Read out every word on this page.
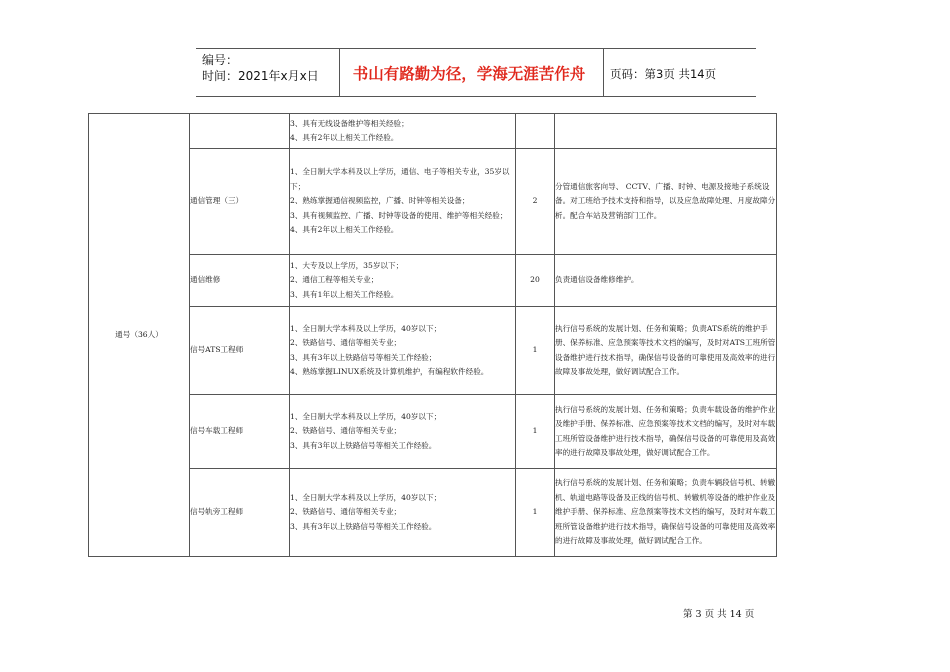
编号：
时间：2021年x月x日	书山有路勤为径，学海无涯苦作舟	页码：第3页 共14页
通号（36人）		3、具有无线设备维护等相关经验；
4、具有2年以上相关工作经验。		

	通信管理（三）	1、全日制大学本科及以上学历，通信、电子等相关专业，35岁以下；
2、熟练掌握通信视频监控，广播、时钟等相关设备；
3、具有视频监控、广播、时钟等设备的使用、维护等相关经验；
4、具有2年以上相关工作经验。	2	分管通信旅客向导、 CCTV、广播、时钟、电源及接地子系统设备。对工班给予技术支持和指导，以及应急故障处理、月度故障分析。配合车站及营销部门工作。

	通信维修	1、大专及以上学历，35岁以下；
2、通信工程等相关专业；
3、具有1年以上相关工作经验。	20	负责通信设备维修维护。

	信号ATS工程师	1、全日制大学本科及以上学历，40岁以下；
2、铁路信号、通信等相关专业；
3、具有3年以上铁路信号等相关工作经验；
4、熟练掌握LINUX系统及计算机维护，有编程软件经验。	1	执行信号系统的发展计划、任务和策略；负责ATS系统的维护手册、保养标准、应急预案等技术文档的编写，及时对ATS工班所管设备维护进行技术指导，确保信号设备的可靠使用及高效率的进行故障及事故处理，做好调试配合工作。

	信号车载工程师	1、全日制大学本科及以上学历，40岁以下；
2、铁路信号、通信等相关专业；
3、具有3年以上铁路信号等相关工作经验。	1	执行信号系统的发展计划、任务和策略；负责车载设备的维护作业及维护手册、保养标准、应急预案等技术文档的编写，及时对车载工班所管设备维护进行技术指导，确保信号设备的可靠使用及高效率的进行故障及事故处理，做好调试配合工作。

	信号轨旁工程师	1、全日制大学本科及以上学历，40岁以下；
2、铁路信号、通信等相关专业；
3、具有3年以上铁路信号等相关工作经验。	1	执行信号系统的发展计划、任务和策略；负责车辆段信号机、转辙机、轨道电路等设备及正线的信号机、转辙机等设备的维护作业及维护手册、保养标准、应急预案等技术文档的编写，及时对车载工班所管设备维护进行技术指导，确保信号设备的可靠使用及高效率的进行故障及事故处理，做好调试配合工作。
第 3 页 共 14 页
